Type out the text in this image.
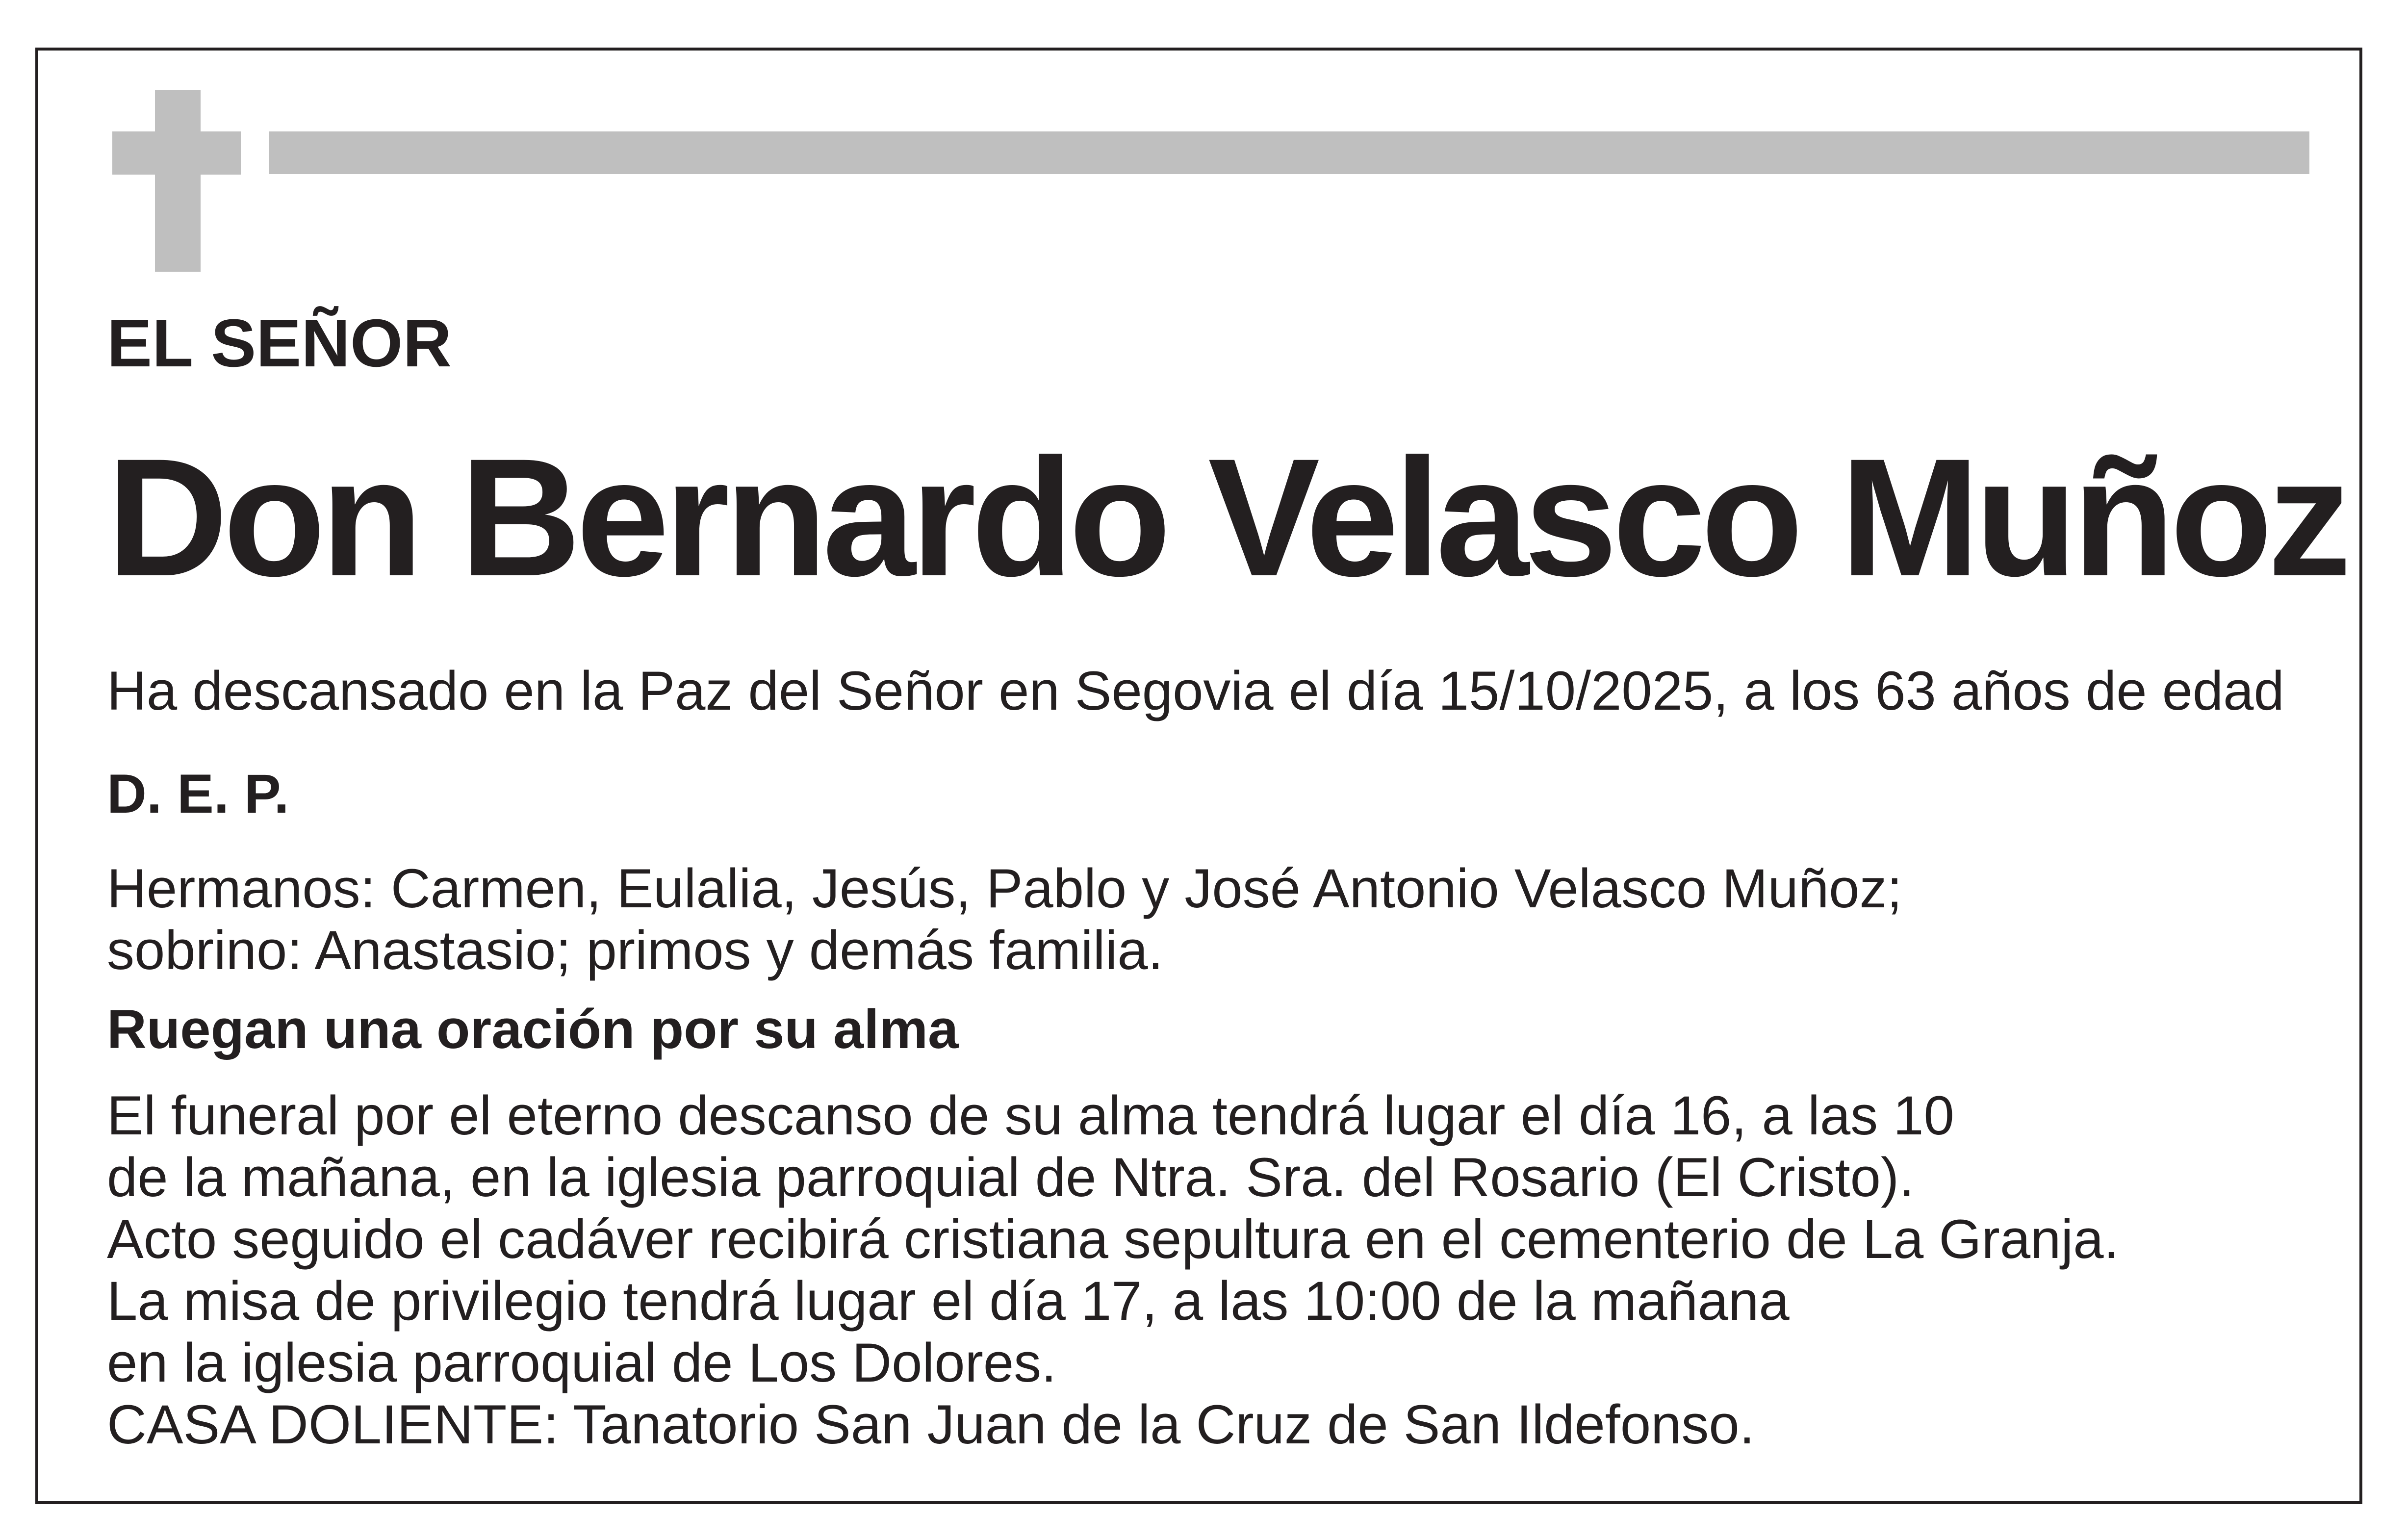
EL SEÑOR

Don Bernardo Velasco Muñoz

Ha descansado en la Paz del Señor en Segovia el día 15/10/2025, a los 63 años de edad

D. E. P.

Hermanos: Carmen, Eulalia, Jesús, Pablo y José Antonio Velasco Muñoz;
sobrino: Anastasio; primos y demás familia.

Ruegan una oración por su alma

El funeral por el eterno descanso de su alma tendrá lugar el día 16, a las 10
de la mañana, en la iglesia parroquial de Ntra. Sra. del Rosario (El Cristo).
Acto seguido el cadáver recibirá cristiana sepultura en el cementerio de La Granja.
La misa de privilegio tendrá lugar el día 17, a las 10:00 de la mañana
en la iglesia parroquial de Los Dolores.
CASA DOLIENTE: Tanatorio San Juan de la Cruz de San Ildefonso.
